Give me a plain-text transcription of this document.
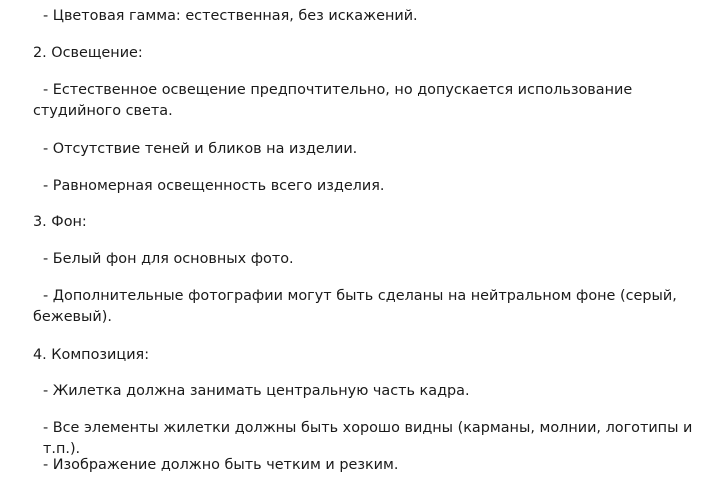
- Цветовая гамма: естественная, без искажений.
2. Освещение:
- Естественное освещение предпочтительно, но допускается использование студийного света.
- Отсутствие теней и бликов на изделии.
- Равномерная освещенность всего изделия.
3. Фон:
- Белый фон для основных фото.
- Дополнительные фотографии могут быть сделаны на нейтральном фоне (серый, бежевый).
4. Композиция:
- Жилетка должна занимать центральную часть кадра.
- Все элементы жилетки должны быть хорошо видны (карманы, молнии, логотипы и т.п.).
- Изображение должно быть четким и резким.
